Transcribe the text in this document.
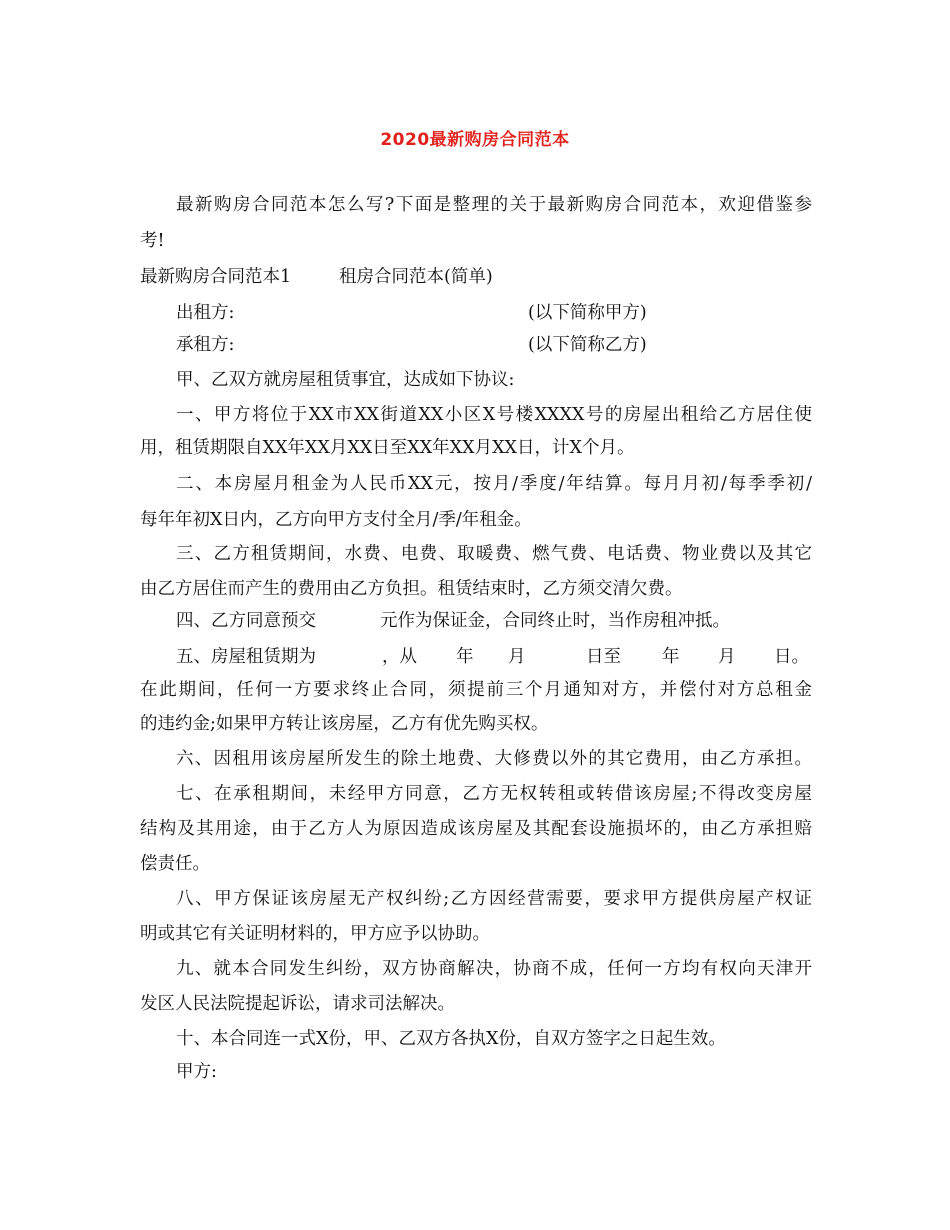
2020最新购房合同范本
最新购房合同范本怎么写?下面是整理的关于最新购房合同范本，欢迎借鉴参
考!
最新购房合同范本1	租房合同范本(简单)
出租方:	(以下简称甲方)
承租方:	(以下简称乙方)
甲、乙双方就房屋租赁事宜，达成如下协议:
一、甲方将位于XX市XX街道XX小区X号楼XXXX号的房屋出租给乙方居住使
用，租赁期限自XX年XX月XX日至XX年XX月XX日，计X个月。
二、本房屋月租金为人民币XX元，按月/季度/年结算。每月月初/每季季初/
每年年初X日内，乙方向甲方支付全月/季/年租金。
三、乙方租赁期间，水费、电费、取暖费、燃气费、电话费、物业费以及其它
由乙方居住而产生的费用由乙方负担。租赁结束时，乙方须交清欠费。
四、乙方同意预交	元作为保证金，合同终止时，当作房租冲抵。
五、房屋租赁期为	，从 年 月	日至 年 月 日。
在此期间，任何一方要求终止合同，须提前三个月通知对方，并偿付对方总租金
的违约金;如果甲方转让该房屋，乙方有优先购买权。
六、因租用该房屋所发生的除土地费、大修费以外的其它费用，由乙方承担。
七、在承租期间，未经甲方同意，乙方无权转租或转借该房屋;不得改变房屋
结构及其用途，由于乙方人为原因造成该房屋及其配套设施损坏的，由乙方承担赔
偿责任。
八、甲方保证该房屋无产权纠纷;乙方因经营需要，要求甲方提供房屋产权证
明或其它有关证明材料的，甲方应予以协助。
九、就本合同发生纠纷，双方协商解决，协商不成，任何一方均有权向天津开
发区人民法院提起诉讼，请求司法解决。
十、本合同连一式X份，甲、乙双方各执X份，自双方签字之日起生效。
甲方:
